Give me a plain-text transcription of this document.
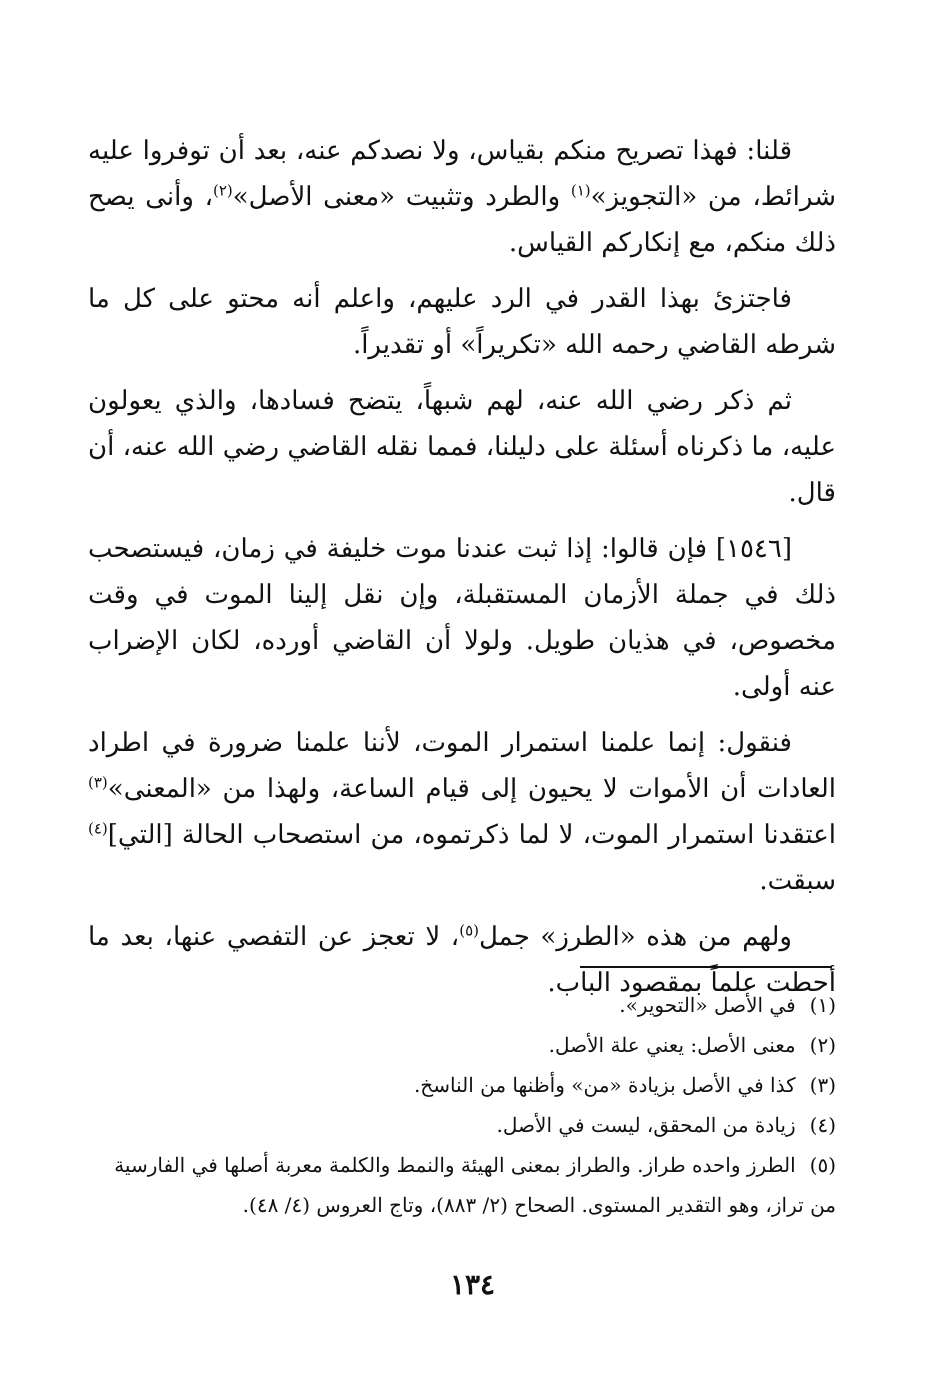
قلنا: فهذا تصريح منكم بقياس، ولا نصدكم عنه، بعد أن توفروا عليه شرائط، من «التجويز»$^{(١)}$ والطرد وتثبيت «معنى الأصل»$^{(٢)}$، وأنى يصح ذلك منكم، مع إنكاركم القياس.

فاجتزئ بهذا القدر في الرد عليهم، واعلم أنه محتو على كل ما شرطه القاضي رحمه الله «تكريراً» أو تقديراً.

ثم ذكر رضي الله عنه، لهم شبهاً، يتضح فسادها، والذي يعولون عليه، ما ذكرناه أسئلة على دليلنا، فمما نقله القاضي رضي الله عنه، أن قال.

[١٥٤٦] فإن قالوا: إذا ثبت عندنا موت خليفة في زمان، فيستصحب ذلك في جملة الأزمان المستقبلة، وإن نقل إلينا الموت في وقت مخصوص، في هذيان طويل. ولولا أن القاضي أورده، لكان الإضراب عنه أولى.

فنقول: إنما علمنا استمرار الموت، لأننا علمنا ضرورة في اطراد العادات أن الأموات لا يحيون إلى قيام الساعة، ولهذا من «المعنى»$^{(٣)}$ اعتقدنا استمرار الموت، لا لما ذكرتموه، من استصحاب الحالة [التي]$^{(٤)}$ سبقت.

ولهم من هذه «الطرز» جمل$^{(٥)}$، لا تعجز عن التفصي عنها، بعد ما أحطت علماً بمقصود الباب.

(١) في الأصل «التحوير».
(٢) معنى الأصل: يعني علة الأصل.
(٣) كذا في الأصل بزيادة «من» وأظنها من الناسخ.
(٤) زيادة من المحقق، ليست في الأصل.
(٥) الطرز واحده طراز. والطراز بمعنى الهيئة والنمط والكلمة معربة أصلها في الفارسية من تراز، وهو التقدير المستوى. الصحاح (٢/ ٨٨٣)، وتاج العروس (٤/ ٤٨).
١٣٤
